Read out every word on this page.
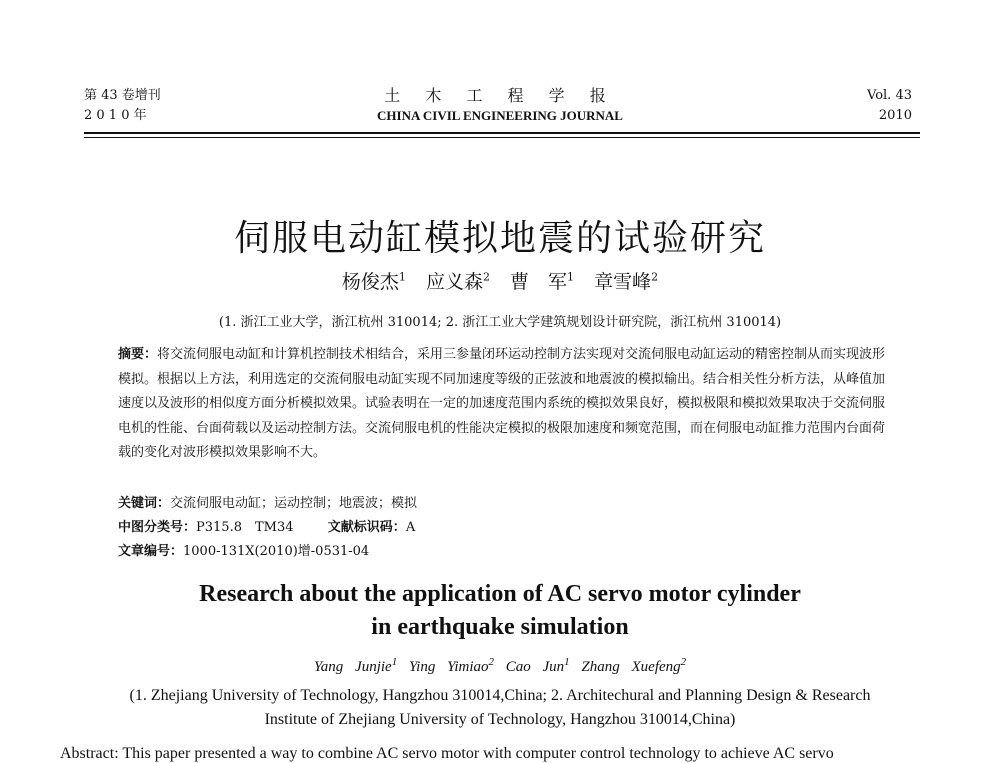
第 43 卷增刊
2 0 1 0 年
土 木 工 程 学 报
CHINA CIVIL ENGINEERING JOURNAL
Vol. 43
2010
伺服电动缸模拟地震的试验研究
杨俊杰$^1$ 应义森$^2$ 曹　军$^1$ 章雪峰$^2$
(1. 浙江工业大学，浙江杭州 310014; 2. 浙江工业大学建筑规划设计研究院，浙江杭州 310014)
摘要：将交流伺服电动缸和计算机控制技术相结合，采用三参量闭环运动控制方法实现对交流伺服电动缸运动的精密控制从而实现波形模拟。根据以上方法，利用选定的交流伺服电动缸实现不同加速度等级的正弦波和地震波的模拟输出。结合相关性分析方法，从峰值加速度以及波形的相似度方面分析模拟效果。试验表明在一定的加速度范围内系统的模拟效果良好，模拟极限和模拟效果取决于交流伺服电机的性能、台面荷载以及运动控制方法。交流伺服电机的性能决定模拟的极限加速度和频宽范围，而在伺服电动缸推力范围内台面荷载的变化对波形模拟效果影响不大。
关键词：交流伺服电动缸；运动控制；地震波；模拟
中图分类号：P315.8　TM34	文献标识码：A
文章编号：1000-131X(2010)增-0531-04
Research about the application of AC servo motor cylinder
in earthquake simulation
Yang Junjie$^1$ Ying Yimiao$^2$ Cao Jun$^1$ Zhang Xuefeng$^2$
(1. Zhejiang University of Technology, Hangzhou 310014,China; 2. Architechural and Planning Design & Research
Institute of Zhejiang University of Technology, Hangzhou 310014,China)
Abstract: This paper presented a way to combine AC servo motor with computer control technology to achieve AC servo
